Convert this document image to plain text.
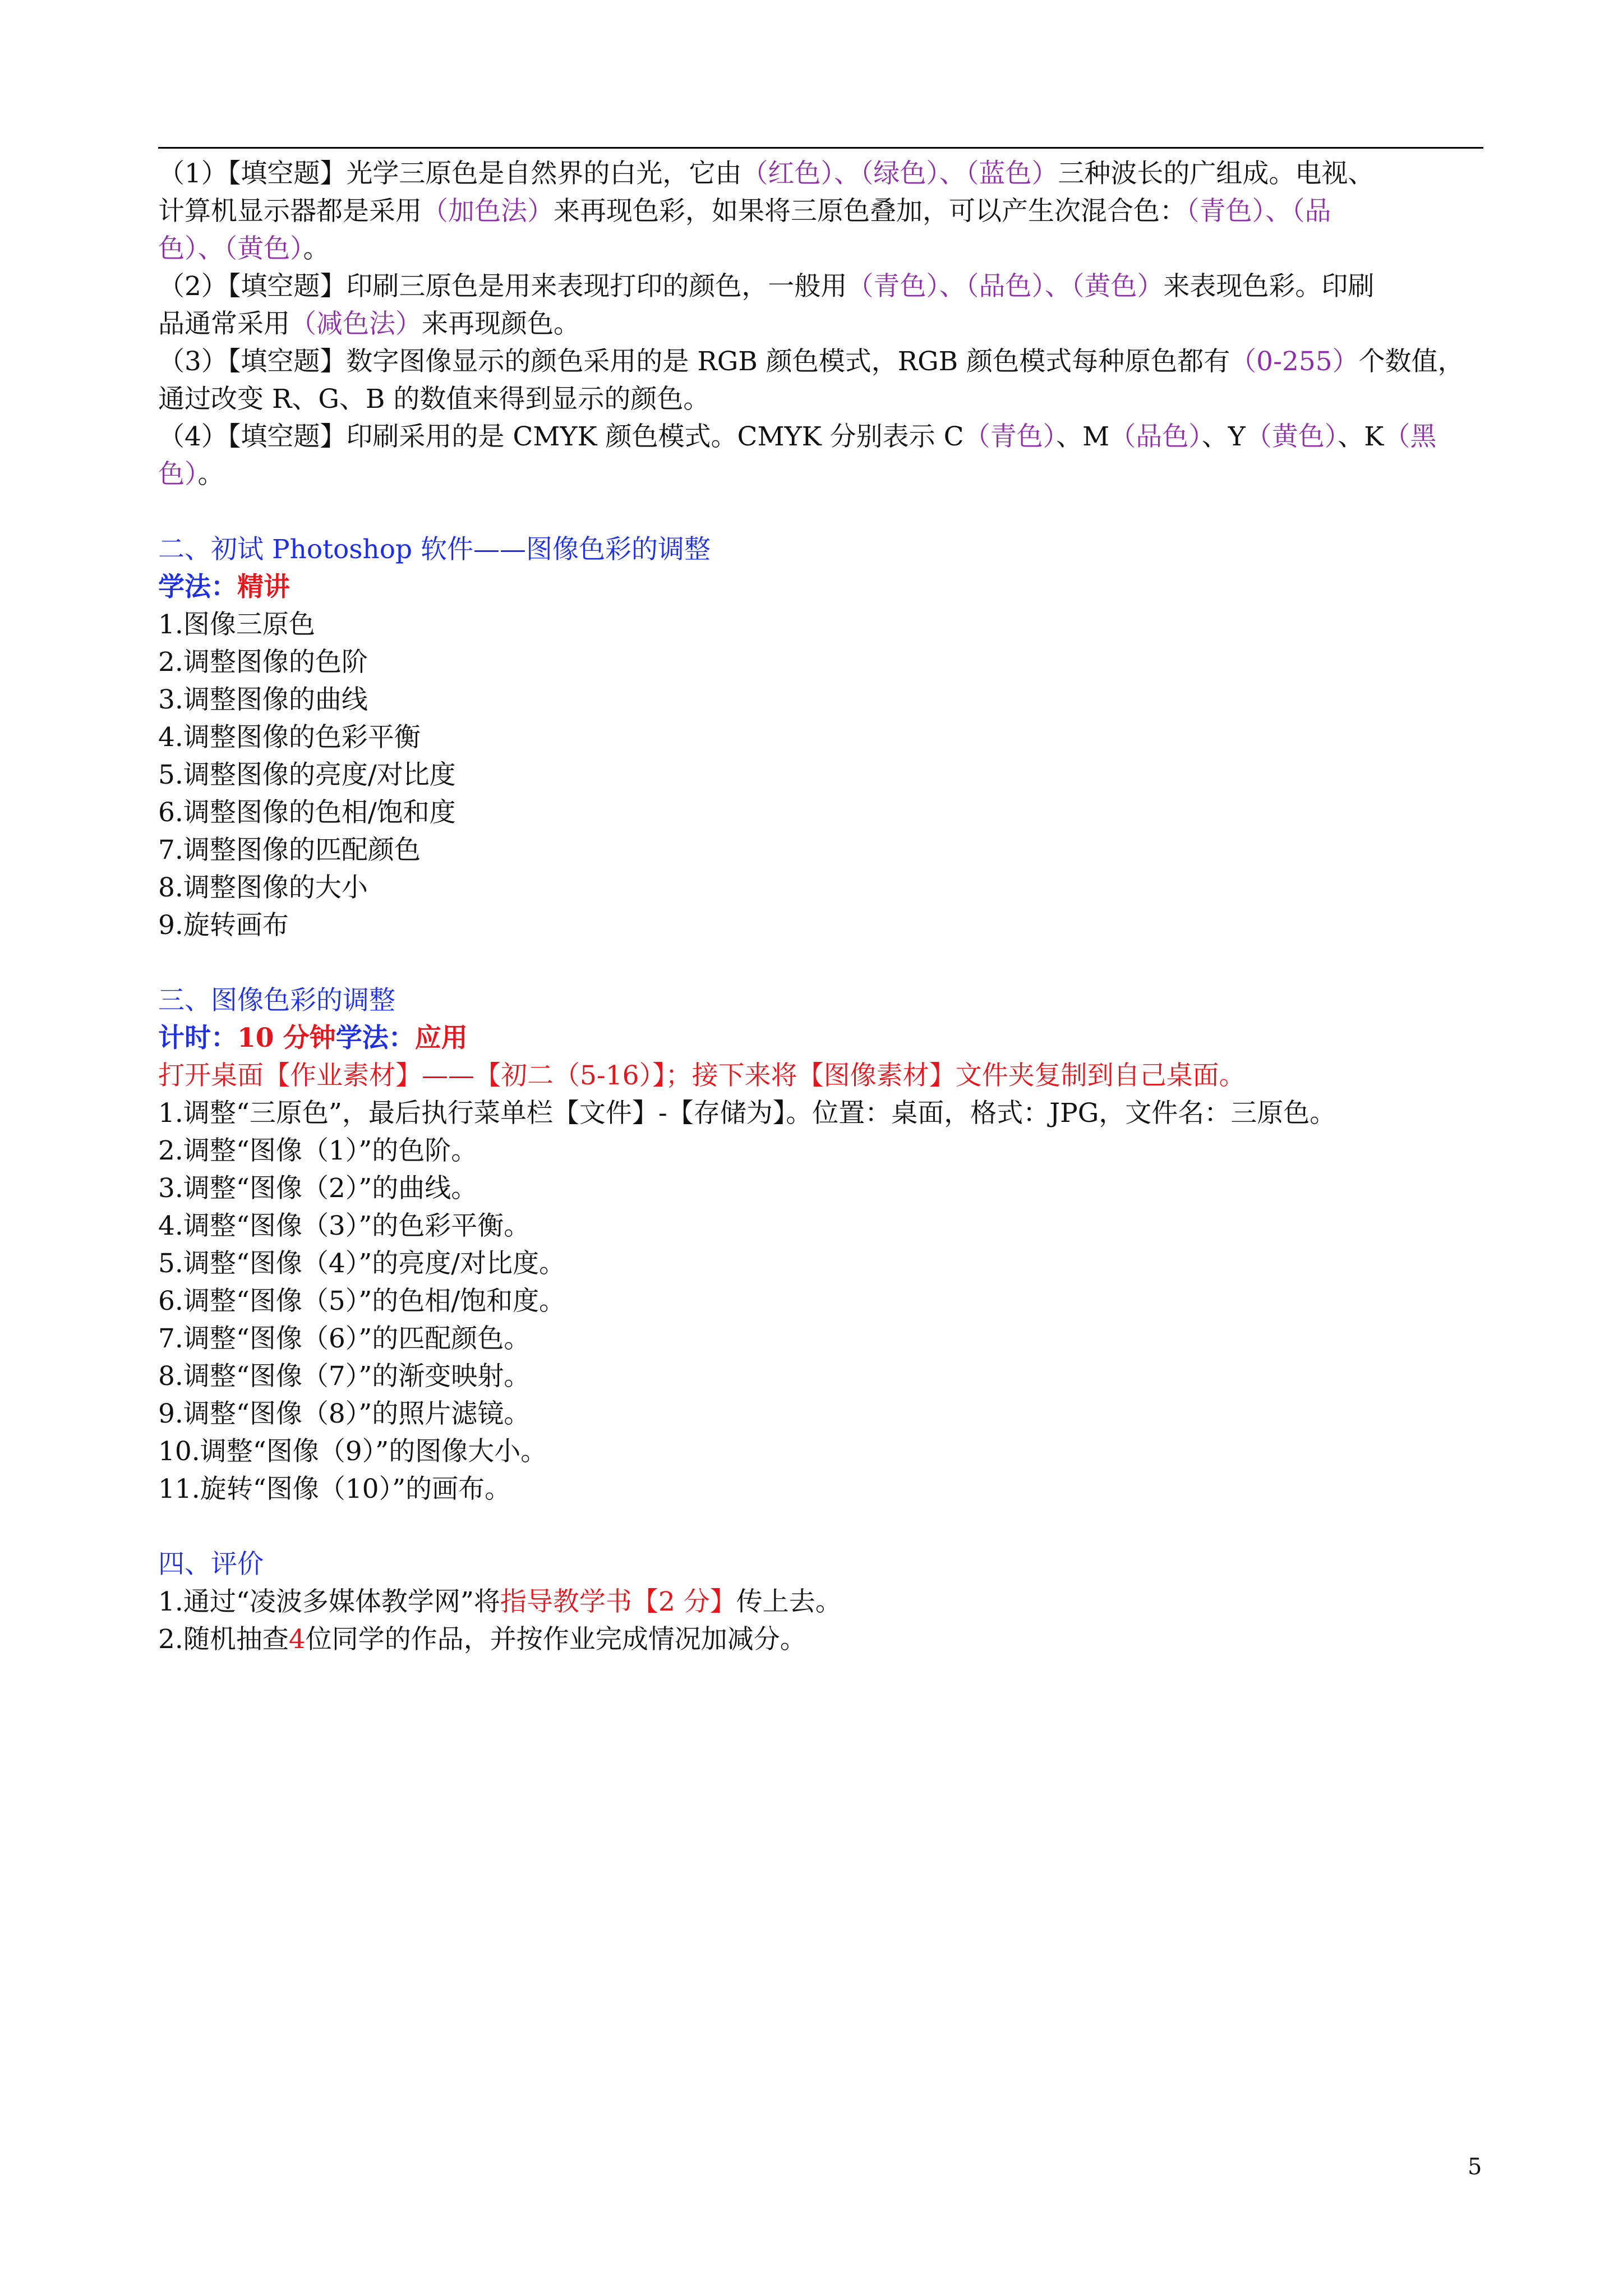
（1）【填空题】光学三原色是自然界的白光，它由（红色）、（绿色）、（蓝色）三种波长的广组成。电视、
计算机显示器都是采用（加色法）来再现色彩，如果将三原色叠加，可以产生次混合色：（青色）、（品
色）、（黄色）。
（2）【填空题】印刷三原色是用来表现打印的颜色，一般用（青色）、（品色）、（黄色）来表现色彩。印刷
品通常采用（减色法）来再现颜色。
（3）【填空题】数字图像显示的颜色采用的是 RGB 颜色模式，RGB 颜色模式每种原色都有（0-255）个数值，
通过改变 R、G、B 的数值来得到显示的颜色。
（4）【填空题】印刷采用的是 CMYK 颜色模式。CMYK 分别表示 C（青色）、M（品色）、Y（黄色）、K（黑
色）。
二、初试 Photoshop 软件——图像色彩的调整
学法：精讲
1.图像三原色
2.调整图像的色阶
3.调整图像的曲线
4.调整图像的色彩平衡
5.调整图像的亮度/对比度
6.调整图像的色相/饱和度
7.调整图像的匹配颜色
8.调整图像的大小
9.旋转画布
三、图像色彩的调整
计时：10 分钟学法：应用
打开桌面【作业素材】——【初二（5-16）】；接下来将【图像素材】文件夹复制到自己桌面。
1.调整“三原色”，最后执行菜单栏【文件】-【存储为】。位置：桌面，格式：JPG，文件名：三原色。
2.调整“图像（1）”的色阶。
3.调整“图像（2）”的曲线。
4.调整“图像（3）”的色彩平衡。
5.调整“图像（4）”的亮度/对比度。
6.调整“图像（5）”的色相/饱和度。
7.调整“图像（6）”的匹配颜色。
8.调整“图像（7）”的渐变映射。
9.调整“图像（8）”的照片滤镜。
10.调整“图像（9）”的图像大小。
11.旋转“图像（10）”的画布。
四、评价
1.通过“凌波多媒体教学网”将指导教学书【2 分】传上去。
2.随机抽查4位同学的作品，并按作业完成情况加减分。
5
